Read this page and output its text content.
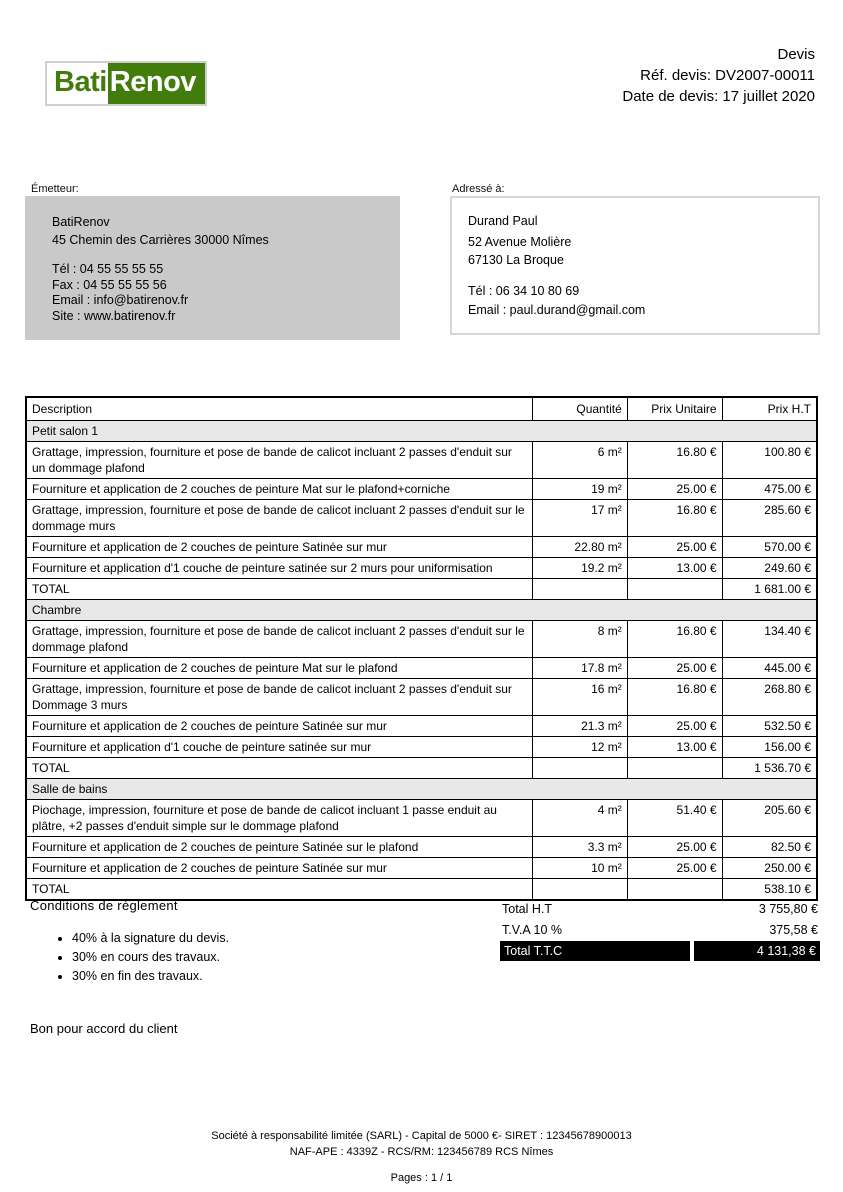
Bati Renov
Devis
Réf. devis: DV2007-00011
Date de devis: 17 juillet 2020
Émetteur:
BatiRenov
45 Chemin des Carrières 30000 Nîmes
Tél : 04 55 55 55 55
Fax : 04 55 55 55 56
Email : info@batirenov.fr
Site : www.batirenov.fr
Adressé à:
Durand Paul
52 Avenue Molière
67130 La Broque
Tél : 06 34 10 80 69
Email : paul.durand@gmail.com
Description	Quantité	Prix Unitaire	Prix H.T
Petit salon 1			
Grattage, impression, fourniture et pose de bande de calicot incluant 2 passes d'enduit sur un dommage plafond	6 m²	16.80 €	100.80 €
Fourniture et application de 2 couches de peinture Mat sur le plafond+corniche	19 m²	25.00 €	475.00 €
Grattage, impression, fourniture et pose de bande de calicot incluant 2 passes d'enduit sur le dommage murs	17 m²	16.80 €	285.60 €
Fourniture et application de 2 couches de peinture Satinée sur mur	22.80 m²	25.00 €	570.00 €
Fourniture et application d'1 couche de peinture satinée sur 2 murs pour uniformisation	19.2 m²	13.00 €	249.60 €
TOTAL			1 681.00 €
Chambre			
Grattage, impression, fourniture et pose de bande de calicot incluant 2 passes d'enduit sur le dommage plafond	8 m²	16.80 €	134.40 €
Fourniture et application de 2 couches de peinture Mat sur le plafond	17.8 m²	25.00 €	445.00 €
Grattage, impression, fourniture et pose de bande de calicot incluant 2 passes d'enduit sur Dommage 3 murs	16 m²	16.80 €	268.80 €
Fourniture et application de 2 couches de peinture Satinée sur mur	21.3 m²	25.00 €	532.50 €
Fourniture et application d'1 couche de peinture satinée sur mur	12 m²	13.00 €	156.00 €
TOTAL			1 536.70 €
Salle de bains			
Piochage, impression, fourniture et pose de bande de calicot incluant 1 passe enduit au plâtre, +2 passes d'enduit simple sur le dommage plafond	4 m²	51.40 €	205.60 €
Fourniture et application de 2 couches de peinture Satinée sur le plafond	3.3 m²	25.00 €	82.50 €
Fourniture et application de 2 couches de peinture Satinée sur mur	10 m²	25.00 €	250.00 €
TOTAL			538.10 €
Conditions de règlement
• 40% à la signature du devis.
• 30% en cours des travaux.
• 30% en fin des travaux.
Total H.T	3 755,80 €
T.V.A 10 %	375,58 €
Total T.T.C	4 131,38 €
Bon pour accord du client
Société à responsabilité limitée (SARL) - Capital de 5000 €- SIRET : 12345678900013
NAF-APE : 4339Z - RCS/RM: 123456789 RCS Nîmes
Pages : 1 / 1
